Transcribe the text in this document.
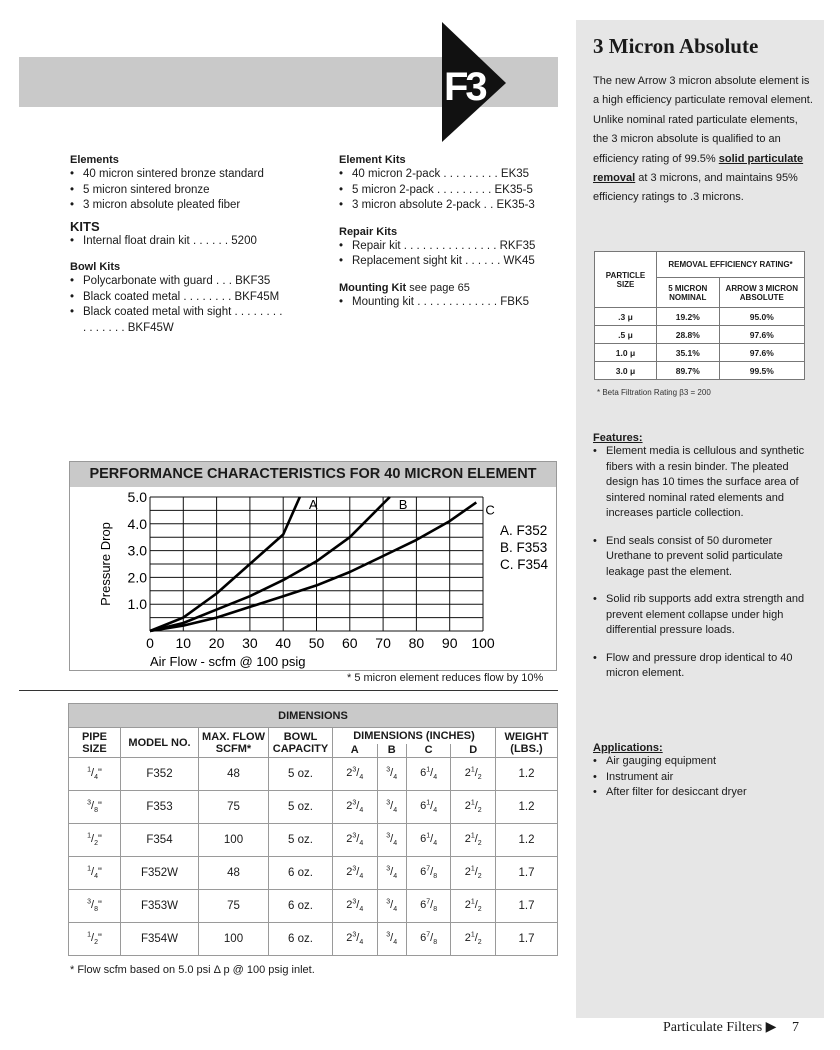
F3
3 Micron Absolute
The new Arrow 3 micron absolute element is a high efficiency particulate removal element. Unlike nominal rated particulate elements, the 3 micron absolute is qualified to an efficiency rating of 99.5% solid particulate removal at 3 microns, and maintains 95% efficiency ratings to .3 microns.
PARTICLE SIZE	REMOVAL EFFICIENCY RATING*	
	5 MICRON NOMINAL	ARROW 3 MICRON ABSOLUTE
.3 μ	19.2%	95.0%
.5 μ	28.8%	97.6%
1.0 μ	35.1%	97.6%
3.0 μ	89.7%	99.5%
* Beta Filtration Rating β3 = 200
Features:
• Element media is cellulous and synthetic fibers with a resin binder. The pleated design has 10 times the surface area of sintered nominal rated elements and increases particle collection.
• End seals consist of 50 durometer Urethane to prevent solid particulate leakage past the element.
• Solid rib supports add extra strength and prevent element collapse under high differential pressure loads.
• Flow and pressure drop identical to 40 micron element.
Applications:
• Air gauging equipment
• Instrument air
• After filter for desiccant dryer
Elements
• 40 micron sintered bronze standard
• 5 micron sintered bronze
• 3 micron absolute pleated fiber
KITS
• Internal float drain kit . . . . . . 5200
Bowl Kits
• Polycarbonate with guard . . . BKF35
• Black coated metal . . . . . . . . BKF45M
• Black coated metal with sight . . . . . . . . . . . . . . . BKF45W
Element Kits
• 40 micron 2-pack . . . . . . . . . EK35
• 5 micron 2-pack . . . . . . . . . EK35-5
• 3 micron absolute 2-pack . . EK35-3
Repair Kits
• Repair kit . . . . . . . . . . . . . . . RKF35
• Replacement sight kit . . . . . . WK45
Mounting Kit see page 65
• Mounting kit . . . . . . . . . . . . . FBK5
PERFORMANCE CHARACTERISTICS FOR 40 MICRON ELEMENT
0 10 20 30 40 50 60 70 80 90 100
1.0
2.0
3.0
4.0
5.0
Air Flow - scfm @ 100 psig
Pressure Drop
A	B	C
A. F352
B. F353
C. F354
* 5 micron element reduces flow by 10%
DIMENSIONS								
PIPE SIZE	MODEL NO.	MAX. FLOW SCFM*	BOWL CAPACITY	DIMENSIONS (INCHES)				WEIGHT (LBS.)
				A	B	C	D	
$^1/_4$"	F352	48	5 oz.	$2^3/_4$	$^3/_4$	$6^1/_4$	$2^1/_2$	1.2
$^3/_8$"	F353	75	5 oz.	$2^3/_4$	$^3/_4$	$6^1/_4$	$2^1/_2$	1.2
$^1/_2$"	F354	100	5 oz.	$2^3/_4$	$^3/_4$	$6^1/_4$	$2^1/_2$	1.2
$^1/_4$"	F352W	48	6 oz.	$2^3/_4$	$^3/_4$	$6^7/_8$	$2^1/_2$	1.7
$^3/_8$"	F353W	75	6 oz.	$2^3/_4$	$^3/_4$	$6^7/_8$	$2^1/_2$	1.7
$^1/_2$"	F354W	100	6 oz.	$2^3/_4$	$^3/_4$	$6^7/_8$	$2^1/_2$	1.7
* Flow scfm based on 5.0 psi Δ p @ 100 psig inlet.
Particulate Filters ▶ 7
